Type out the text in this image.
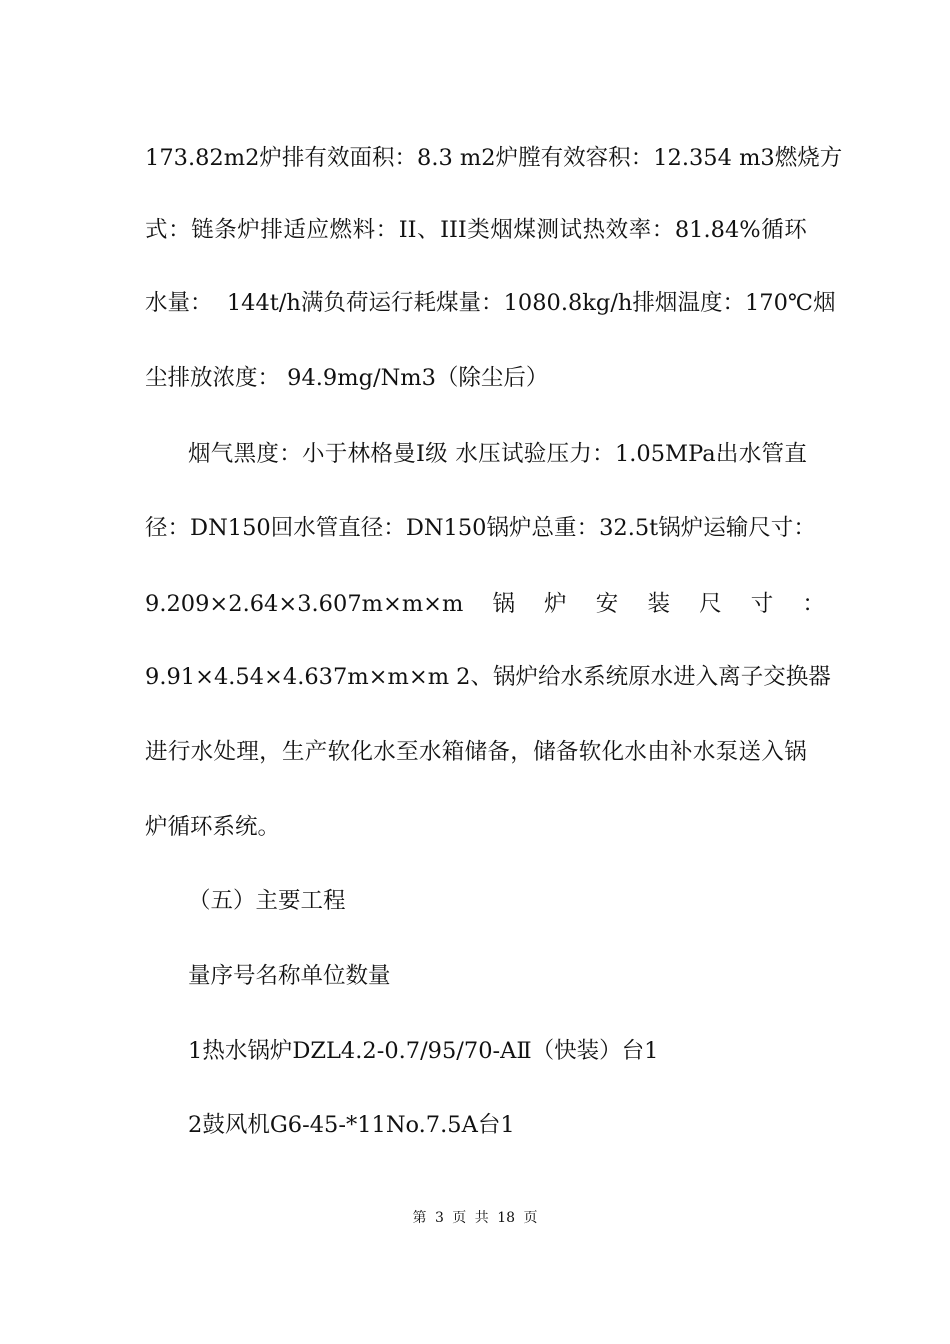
173.82m2 炉 排 有 效 面 积 ： 8.3 m2 炉 膛 有 效 容 积 ： 12.354 m3 燃 烧 方
式 ： 链 条 炉 排 适 应 燃 料 ： II 、 III 类 烟 煤 测 试 热 效 率 ： 81.84% 循 环
水 量 ： 144t/h 满 负 荷 运 行 耗 煤 量 ： 1080.8kg/h 排 烟 温 度 ： 170℃ 烟
尘排放浓度： 94.9mg/Nm3（除尘后）
烟 气 黑 度 ： 小 于 林 格 曼 Ⅰ 级
水 压 试 验 压 力 ： 1.05MPa 出 水 管 直
径 ： DN150 回 水 管 直 径 ： DN150 锅 炉 总 重 ： 32.5t 锅 炉 运 输 尺 寸 ：
9.209×2.64×3.607m×m×m 锅 炉 安 装 尺 寸 ：
9.91×4.54×4.637m×m×m 2 、 锅 炉 给 水 系 统 原 水 进 入 离 子 交 换 器
进 行 水 处 理 ， 生 产 软 化 水 至 水 箱 储 备 ， 储 备 软 化 水 由 补 水 泵 送 入 锅
炉循环系统。
（五）主要工程
量序号名称单位数量
1热水锅炉DZL4.2-0.7/95/70-AⅡ（快装）台1
2鼓风机G6-45-*11No.7.5A台1
第 3 页 共 18 页
